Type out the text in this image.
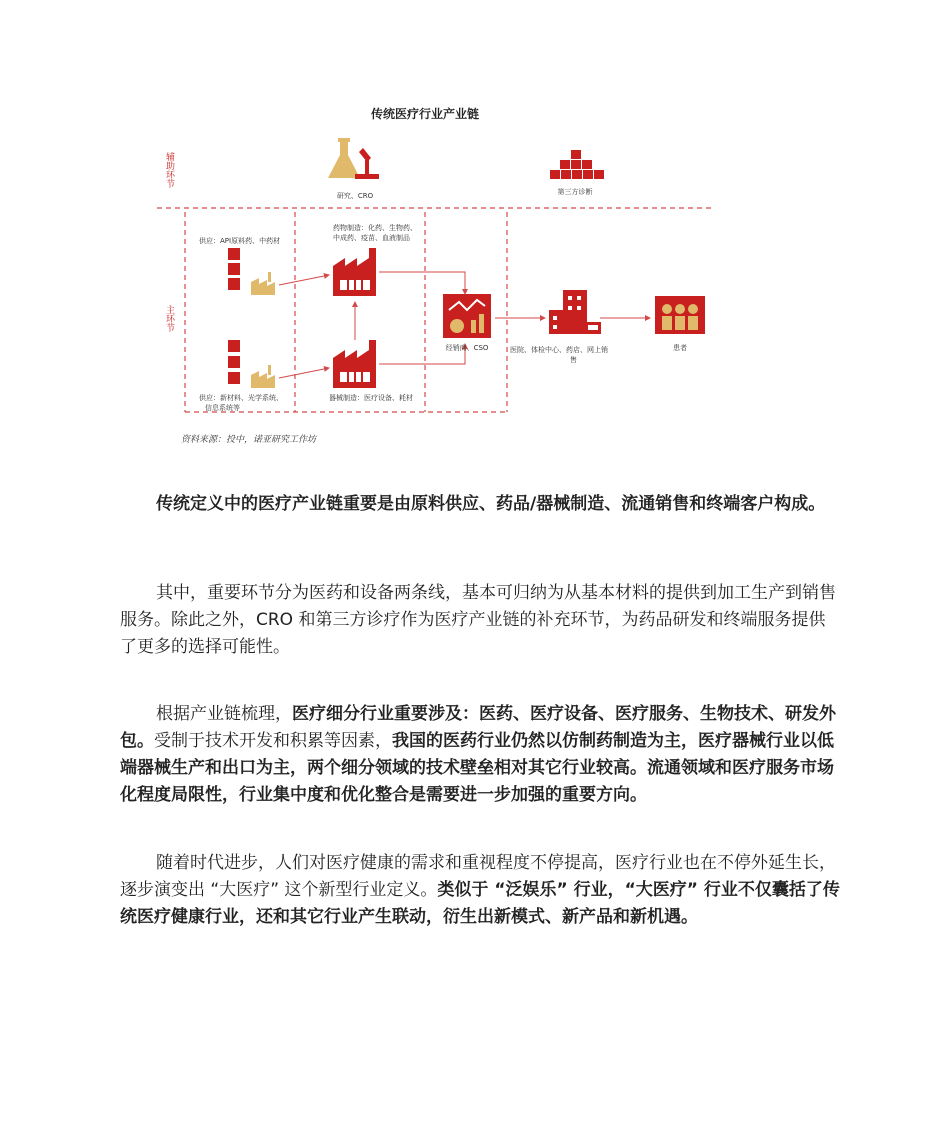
传统医疗行业产业链
辅助环节
主环节
研究、CRO	第三方诊断
供应：API原料药、中药材
药物制造：化药、生物药、
中成药、疫苗、血液制品
供应：新材料、光学系统、
信息系统等
器械制造：医疗设备、耗材
经销商、CSO	医院、体检中心、药店、网上销
售
患者
资料来源：投中，诺亚研究工作坊

传统定义中的医疗产业链重要是由原料供应、药品/器械制造、流通销售和终端客户构成。

其中，重要环节分为医药和设备两条线，基本可归纳为从基本材料的提供到加工生产到销售服务。除此之外，CRO 和第三方诊疗作为医疗产业链的补充环节，为药品研发和终端服务提供了更多的选择可能性。

根据产业链梳理，医疗细分行业重要涉及：医药、医疗设备、医疗服务、生物技术、研发外包。受制于技术开发和积累等因素，我国的医药行业仍然以仿制药制造为主，医疗器械行业以低端器械生产和出口为主，两个细分领域的技术壁垒相对其它行业较高。流通领域和医疗服务市场化程度局限性，行业集中度和优化整合是需要进一步加强的重要方向。

随着时代进步，人们对医疗健康的需求和重视程度不停提高，医疗行业也在不停外延生长，逐步演变出 “大医疗” 这个新型行业定义。类似于 “泛娱乐” 行业，“大医疗” 行业不仅囊括了传统医疗健康行业，还和其它行业产生联动，衍生出新模式、新产品和新机遇。
